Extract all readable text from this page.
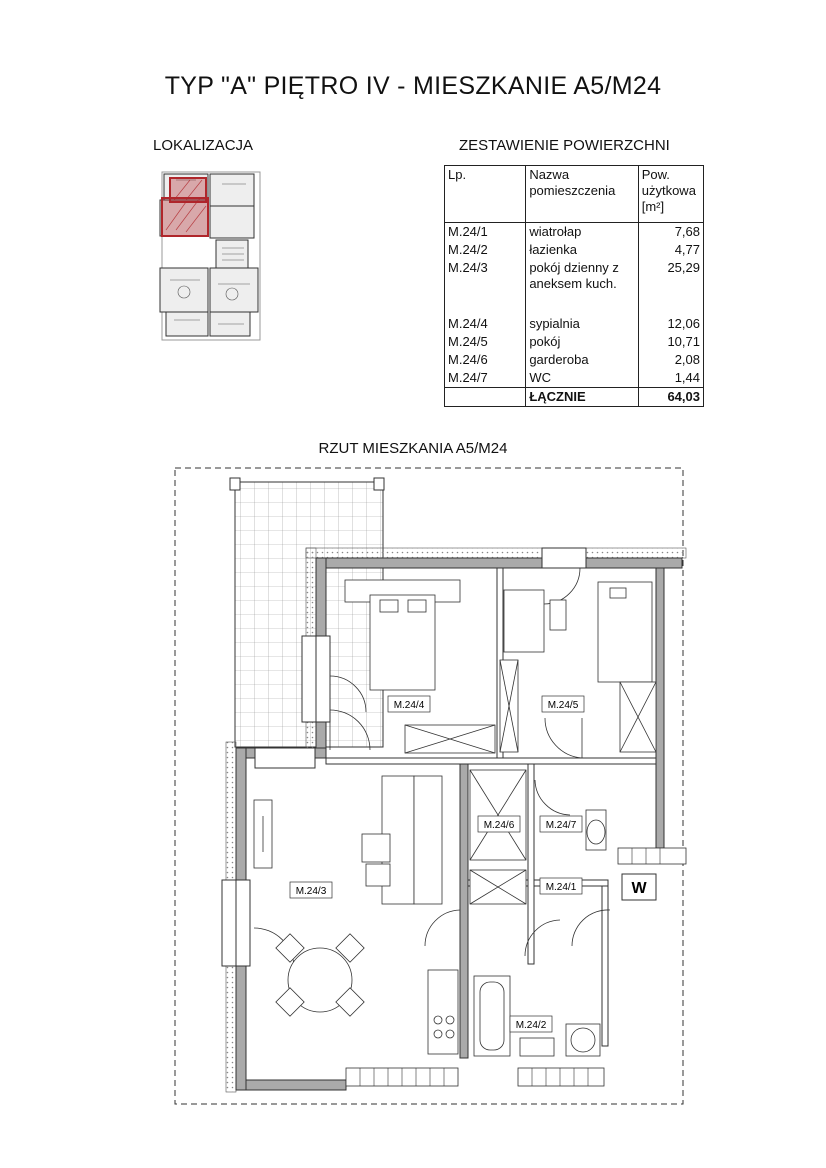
TYP "A" PIĘTRO IV - MIESZKANIE A5/M24
LOKALIZACJA	ZESTAWIENIE POWIERZCHNI
Lp.	Nazwa pomieszczenia	Pow. użytkowa [m²]
M.24/1	wiatrołap	7,68
M.24/2	łazienka	4,77
M.24/3	pokój dzienny z aneksem kuch.	25,29
M.24/4	sypialnia	12,06
M.24/5	pokój	10,71
M.24/6	garderoba	2,08
M.24/7	WC	1,44
	ŁĄCZNIE	64,03
RZUT MIESZKANIA A5/M24
W
M.24/4	M.24/5
M.24/3
M.24/6	M.24/7
M.24/1
M.24/2
